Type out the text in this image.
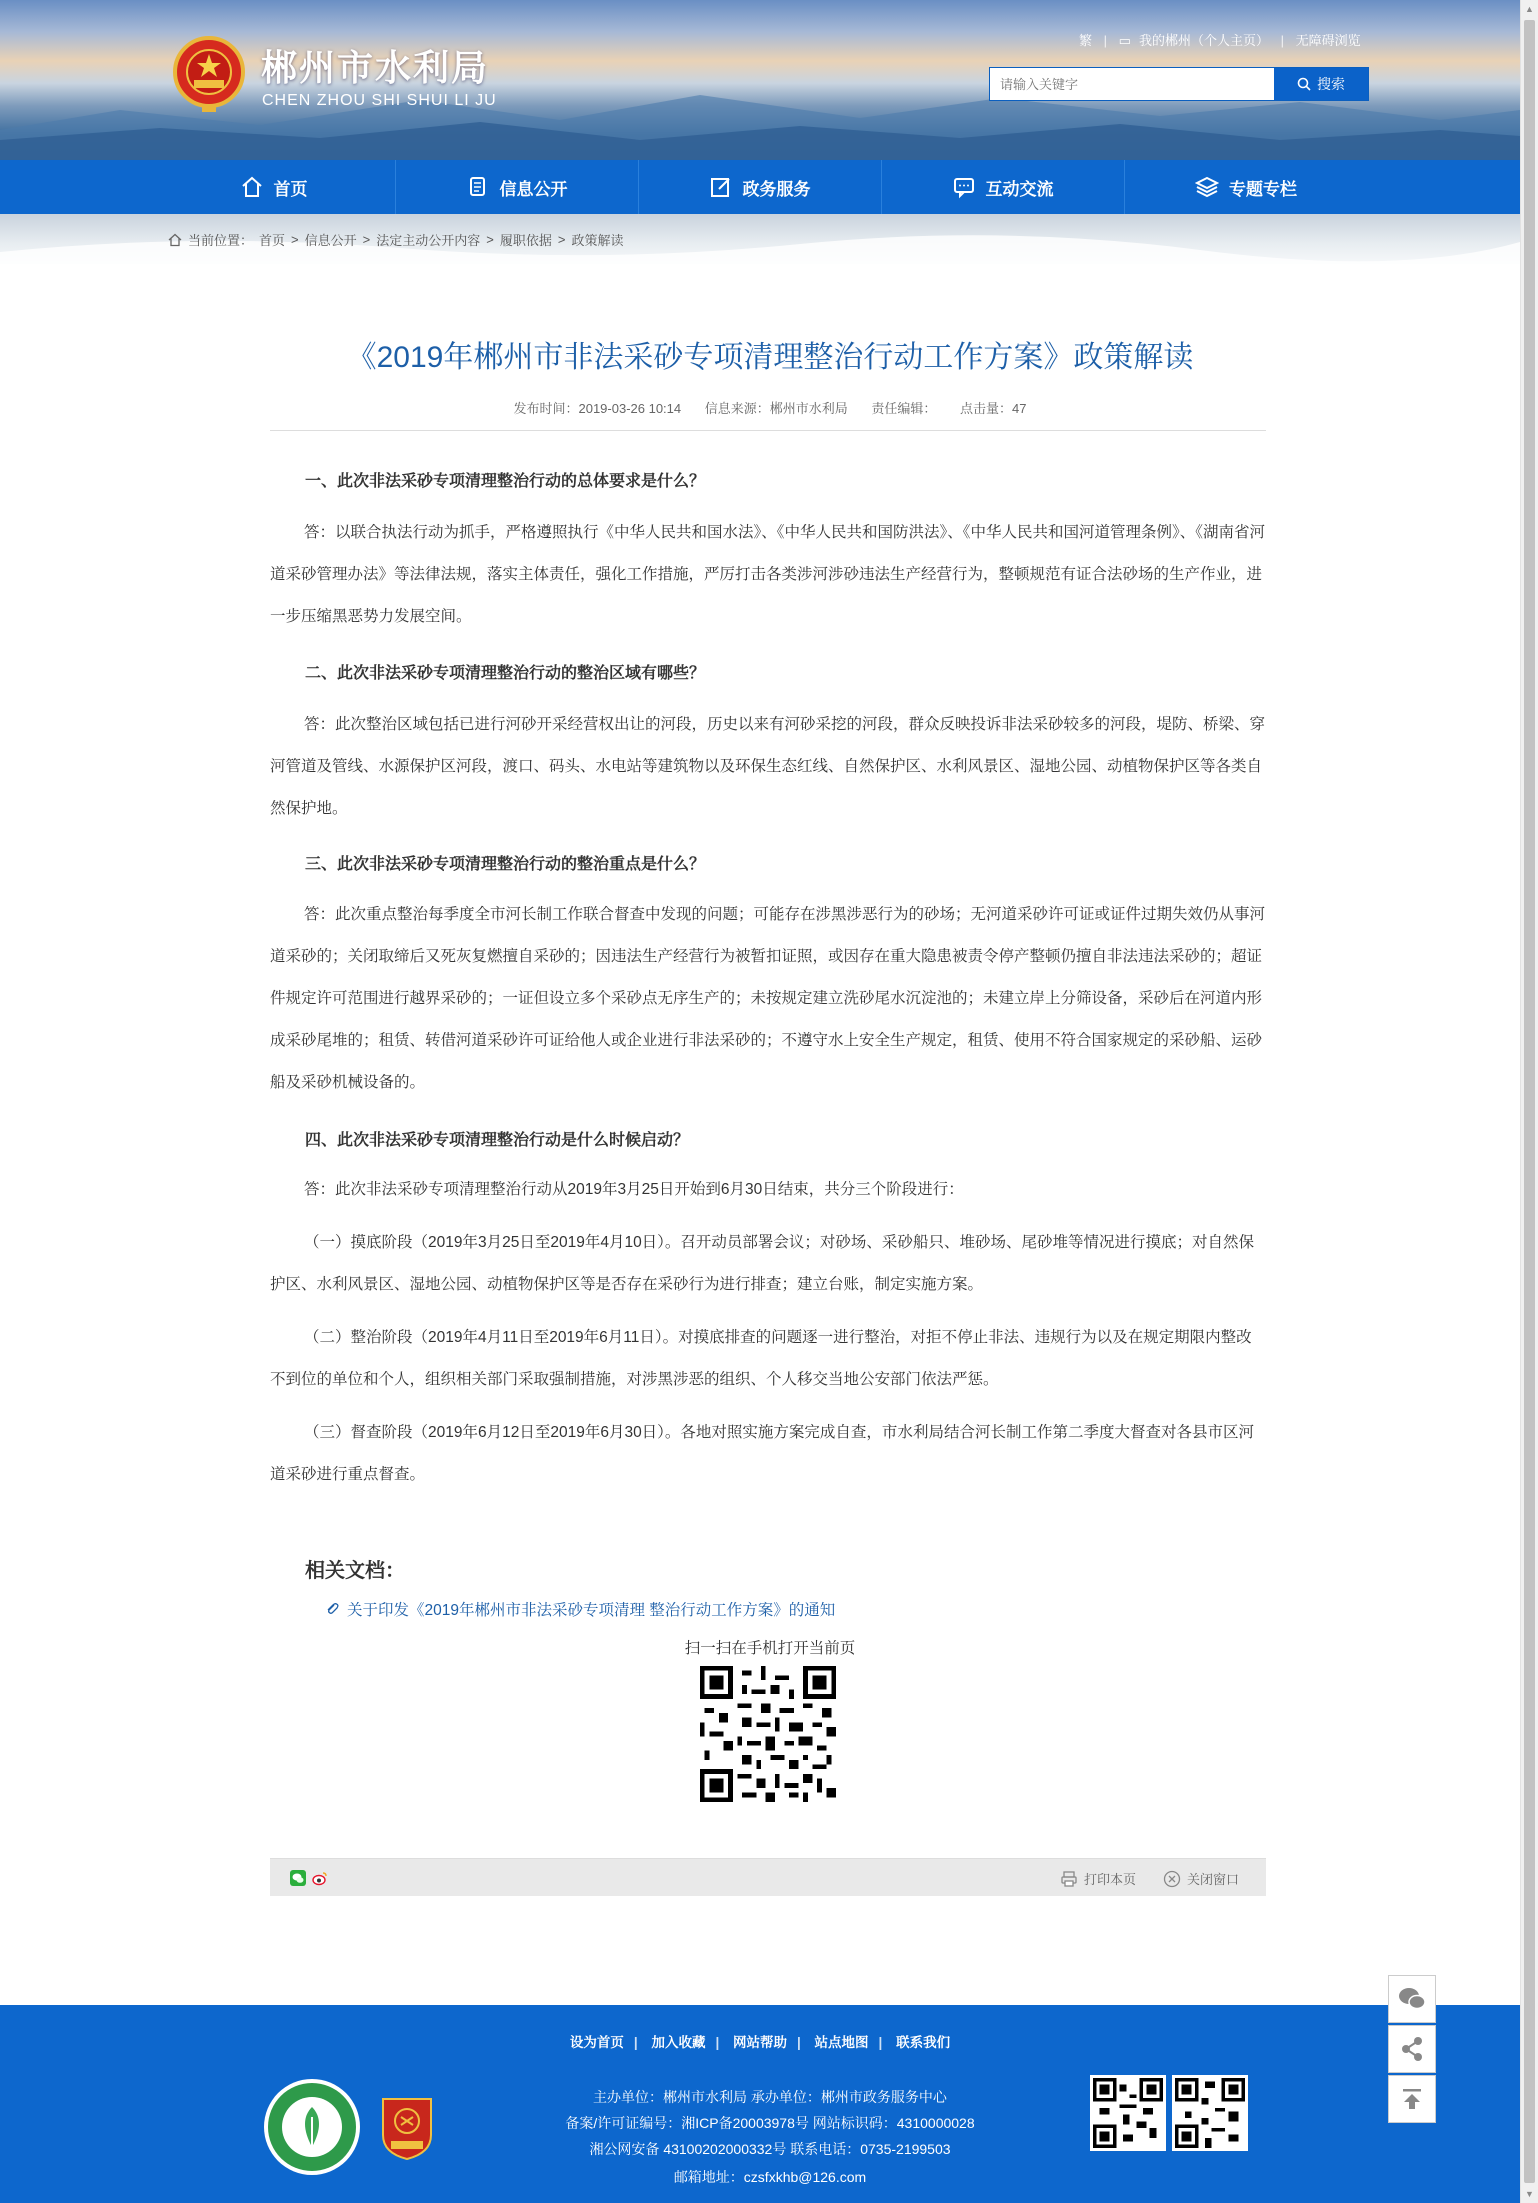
郴州市水利局
CHEN ZHOU SHI SHUI LI JU
繁 | ▭ 我的郴州（个人主页） | 无障碍浏览
请输入关键字
搜索
首页	信息公开	政务服务	互动交流	专题专栏
当前位置： 首页 > 信息公开 > 法定主动公开内容 > 履职依据 > 政策解读
《2019年郴州市非法采砂专项清理整治行动工作方案》政策解读
发布时间：2019-03-26 10:14 信息来源：郴州市水利局 责任编辑： 点击量：47
一、此次非法采砂专项清理整治行动的总体要求是什么？

答：以联合执法行动为抓手，严格遵照执行《中华人民共和国水法》、《中华人民共和国防洪法》、《中华人民共和国河道管理条例》、《湖南省河道采砂管理办法》等法律法规，落实主体责任，强化工作措施，严厉打击各类涉河涉砂违法生产经营行为，整顿规范有证合法砂场的生产作业，进一步压缩黑恶势力发展空间。

二、此次非法采砂专项清理整治行动的整治区域有哪些？

答：此次整治区域包括已进行河砂开采经营权出让的河段，历史以来有河砂采挖的河段，群众反映投诉非法采砂较多的河段，堤防、桥梁、穿河管道及管线、水源保护区河段，渡口、码头、水电站等建筑物以及环保生态红线、自然保护区、水利风景区、湿地公园、动植物保护区等各类自然保护地。

三、此次非法采砂专项清理整治行动的整治重点是什么？

答：此次重点整治每季度全市河长制工作联合督查中发现的问题；可能存在涉黑涉恶行为的砂场；无河道采砂许可证或证件过期失效仍从事河道采砂的；关闭取缔后又死灰复燃擅自采砂的；因违法生产经营行为被暂扣证照，或因存在重大隐患被责令停产整顿仍擅自非法违法采砂的；超证件规定许可范围进行越界采砂的；一证但设立多个采砂点无序生产的；未按规定建立洗砂尾水沉淀池的；未建立岸上分筛设备，采砂后在河道内形成采砂尾堆的；租赁、转借河道采砂许可证给他人或企业进行非法采砂的；不遵守水上安全生产规定，租赁、使用不符合国家规定的采砂船、运砂船及采砂机械设备的。

四、此次非法采砂专项清理整治行动是什么时候启动？

答：此次非法采砂专项清理整治行动从2019年3月25日开始到6月30日结束，共分三个阶段进行：

（一）摸底阶段（2019年3月25日至2019年4月10日）。召开动员部署会议；对砂场、采砂船只、堆砂场、尾砂堆等情况进行摸底；对自然保护区、水利风景区、湿地公园、动植物保护区等是否存在采砂行为进行排查；建立台账，制定实施方案。

（二）整治阶段（2019年4月11日至2019年6月11日）。对摸底排查的问题逐一进行整治，对拒不停止非法、违规行为以及在规定期限内整改不到位的单位和个人，组织相关部门采取强制措施，对涉黑涉恶的组织、个人移交当地公安部门依法严惩。

（三）督查阶段（2019年6月12日至2019年6月30日）。各地对照实施方案完成自查，市水利局结合河长制工作第二季度大督查对各县市区河道采砂进行重点督查。

相关文档：
关于印发《2019年郴州市非法采砂专项清理 整治行动工作方案》的通知
扫一扫在手机打开当前页
打印本页	关闭窗口
设为首页 | 加入收藏 | 网站帮助 | 站点地图 | 联系我们
主办单位：郴州市水利局 承办单位：郴州市政务服务中心
备案/许可证编号：湘ICP备20003978号 网站标识码：4310000028
湘公网安备 43100202000332号 联系电话：0735-2199503
邮箱地址：czsfxkhb@126.com
▲
▼
